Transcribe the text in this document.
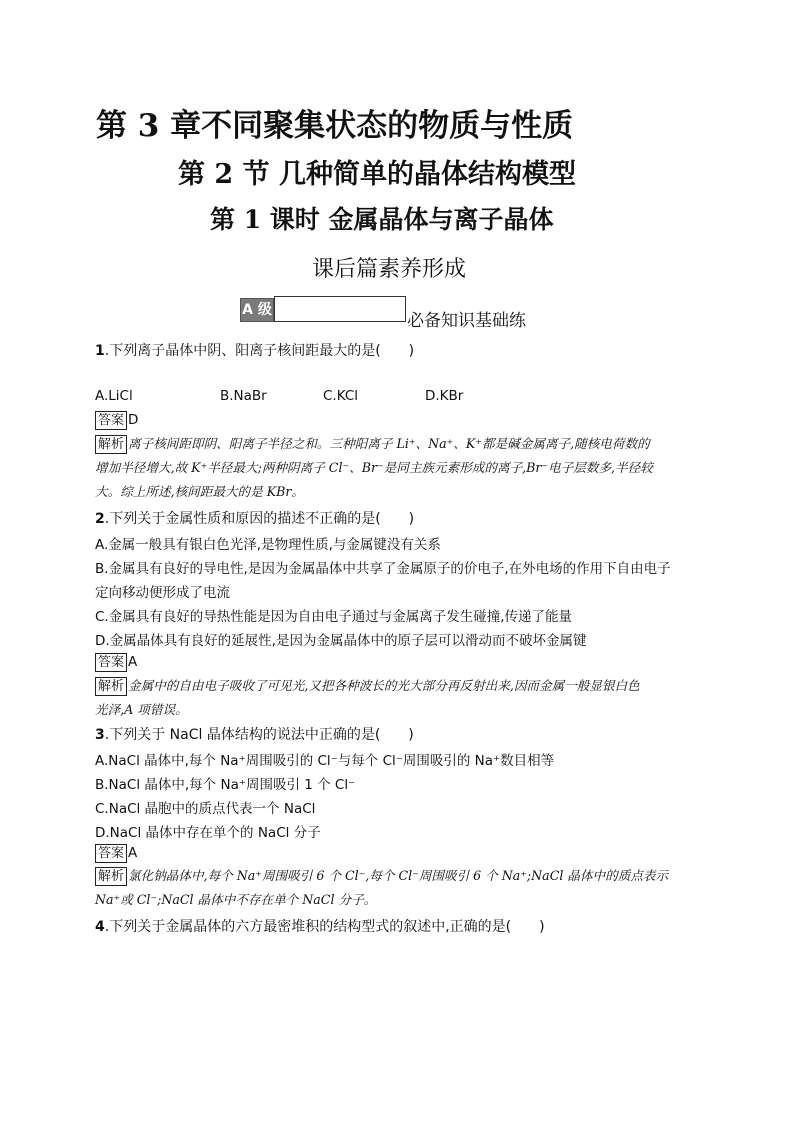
第 3 章不同聚集状态的物质与性质
第 2 节 几种简单的晶体结构模型
第 1 课时 金属晶体与离子晶体
课后篇素养形成
A 级
必备知识基础练
1.下列离子晶体中阴、阳离子核间距最大的是(　　)
A.LiCl	B.NaBr	C.KCl	D.KBr
答案 D
解析 离子核间距即阴、阳离子半径之和。三种阳离子 Li⁺、Na⁺、K⁺都是碱金属离子,随核电荷数的
增加半径增大,故 K⁺半径最大;两种阴离子 Cl⁻、Br⁻是同主族元素形成的离子,Br⁻电子层数多,半径较
大。综上所述,核间距最大的是 KBr。
2.下列关于金属性质和原因的描述不正确的是(　　)
A.金属一般具有银白色光泽,是物理性质,与金属键没有关系
B.金属具有良好的导电性,是因为金属晶体中共享了金属原子的价电子,在外电场的作用下自由电子
定向移动便形成了电流
C.金属具有良好的导热性能是因为自由电子通过与金属离子发生碰撞,传递了能量
D.金属晶体具有良好的延展性,是因为金属晶体中的原子层可以滑动而不破坏金属键
答案 A
解析 金属中的自由电子吸收了可见光,又把各种波长的光大部分再反射出来,因而金属一般显银白色
光泽,A 项错误。
3.下列关于 NaCl 晶体结构的说法中正确的是(　　)
A.NaCl 晶体中,每个 Na⁺周围吸引的 Cl⁻与每个 Cl⁻周围吸引的 Na⁺数目相等
B.NaCl 晶体中,每个 Na⁺周围吸引 1 个 Cl⁻
C.NaCl 晶胞中的质点代表一个 NaCl
D.NaCl 晶体中存在单个的 NaCl 分子
答案 A
解析 氯化钠晶体中,每个 Na⁺周围吸引 6 个 Cl⁻,每个 Cl⁻周围吸引 6 个 Na⁺;NaCl 晶体中的质点表示
Na⁺或 Cl⁻;NaCl 晶体中不存在单个 NaCl 分子。
4.下列关于金属晶体的六方最密堆积的结构型式的叙述中,正确的是(　　)
